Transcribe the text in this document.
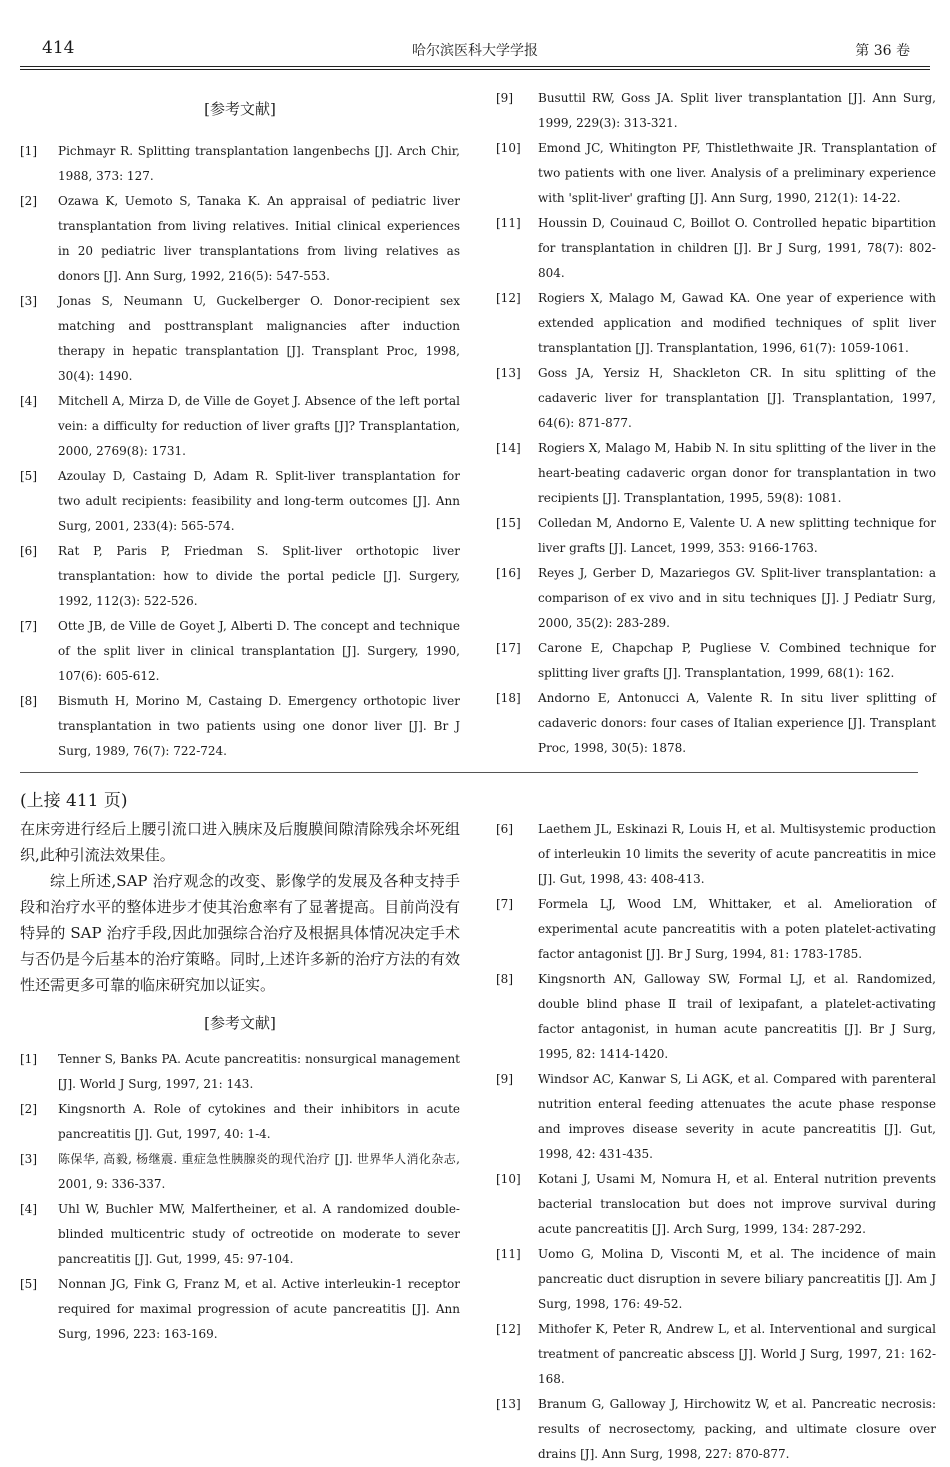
414	哈尔滨医科大学学报	第 36 卷
[参考文献]
[1] Pichmayr R. Splitting transplantation langenbechs [J]. Arch Chir, 1988, 373: 127.
[2] Ozawa K, Uemoto S, Tanaka K. An appraisal of pediatric liver transplantation from living relatives. Initial clinical experiences in 20 pediatric liver transplantations from living relatives as donors [J]. Ann Surg, 1992, 216(5): 547-553.
[3] Jonas S, Neumann U, Guckelberger O. Donor-recipient sex matching and posttransplant malignancies after induction therapy in hepatic transplantation [J]. Transplant Proc, 1998, 30(4): 1490.
[4] Mitchell A, Mirza D, de Ville de Goyet J. Absence of the left portal vein: a difficulty for reduction of liver grafts [J]? Transplantation, 2000, 2769(8): 1731.
[5] Azoulay D, Castaing D, Adam R. Split-liver transplantation for two adult recipients: feasibility and long-term outcomes [J]. Ann Surg, 2001, 233(4): 565-574.
[6] Rat P, Paris P, Friedman S. Split-liver orthotopic liver transplantation: how to divide the portal pedicle [J]. Surgery, 1992, 112(3): 522-526.
[7] Otte JB, de Ville de Goyet J, Alberti D. The concept and technique of the split liver in clinical transplantation [J]. Surgery, 1990, 107(6): 605-612.
[8] Bismuth H, Morino M, Castaing D. Emergency orthotopic liver transplantation in two patients using one donor liver [J]. Br J Surg, 1989, 76(7): 722-724.
[9] Busuttil RW, Goss JA. Split liver transplantation [J]. Ann Surg, 1999, 229(3): 313-321.
[10] Emond JC, Whitington PF, Thistlethwaite JR. Transplantation of two patients with one liver. Analysis of a preliminary experience with 'split-liver' grafting [J]. Ann Surg, 1990, 212(1): 14-22.
[11] Houssin D, Couinaud C, Boillot O. Controlled hepatic bipartition for transplantation in children [J]. Br J Surg, 1991, 78(7): 802-804.
[12] Rogiers X, Malago M, Gawad KA. One year of experience with extended application and modified techniques of split liver transplantation [J]. Transplantation, 1996, 61(7): 1059-1061.
[13] Goss JA, Yersiz H, Shackleton CR. In situ splitting of the cadaveric liver for transplantation [J]. Transplantation, 1997, 64(6): 871-877.
[14] Rogiers X, Malago M, Habib N. In situ splitting of the liver in the heart-beating cadaveric organ donor for transplantation in two recipients [J]. Transplantation, 1995, 59(8): 1081.
[15] Colledan M, Andorno E, Valente U. A new splitting technique for liver grafts [J]. Lancet, 1999, 353: 9166-1763.
[16] Reyes J, Gerber D, Mazariegos GV. Split-liver transplantation: a comparison of ex vivo and in situ techniques [J]. J Pediatr Surg, 2000, 35(2): 283-289.
[17] Carone E, Chapchap P, Pugliese V. Combined technique for splitting liver grafts [J]. Transplantation, 1999, 68(1): 162.
[18] Andorno E, Antonucci A, Valente R. In situ liver splitting of cadaveric donors: four cases of Italian experience [J]. Transplant Proc, 1998, 30(5): 1878.
(上接 411 页)
在床旁进行经后上腰引流口进入胰床及后腹膜间隙清除残余坏死组织,此种引流法效果佳。
综上所述,SAP 治疗观念的改变、影像学的发展及各种支持手段和治疗水平的整体进步才使其治愈率有了显著提高。目前尚没有特异的 SAP 治疗手段,因此加强综合治疗及根据具体情况决定手术与否仍是今后基本的治疗策略。同时,上述许多新的治疗方法的有效性还需更多可靠的临床研究加以证实。
[参考文献]
[1] Tenner S, Banks PA. Acute pancreatitis: nonsurgical management [J]. World J Surg, 1997, 21: 143.
[2] Kingsnorth A. Role of cytokines and their inhibitors in acute pancreatitis [J]. Gut, 1997, 40: 1-4.
[3] 陈保华, 高毅, 杨继震. 重症急性胰腺炎的现代治疗 [J]. 世界华人消化杂志, 2001, 9: 336-337.
[4] Uhl W, Buchler MW, Malfertheiner, et al. A randomized double-blinded multicentric study of octreotide on moderate to sever pancreatitis [J]. Gut, 1999, 45: 97-104.
[5] Nonnan JG, Fink G, Franz M, et al. Active interleukin-1 receptor required for maximal progression of acute pancreatitis [J]. Ann Surg, 1996, 223: 163-169.
[6] Laethem JL, Eskinazi R, Louis H, et al. Multisystemic production of interleukin 10 limits the severity of acute pancreatitis in mice [J]. Gut, 1998, 43: 408-413.
[7] Formela LJ, Wood LM, Whittaker, et al. Amelioration of experimental acute pancreatitis with a poten platelet-activating factor antagonist [J]. Br J Surg, 1994, 81: 1783-1785.
[8] Kingsnorth AN, Galloway SW, Formal LJ, et al. Randomized, double blind phase Ⅱ trail of lexipafant, a platelet-activating factor antagonist, in human acute pancreatitis [J]. Br J Surg, 1995, 82: 1414-1420.
[9] Windsor AC, Kanwar S, Li AGK, et al. Compared with parenteral nutrition enteral feeding attenuates the acute phase response and improves disease severity in acute pancreatitis [J]. Gut, 1998, 42: 431-435.
[10] Kotani J, Usami M, Nomura H, et al. Enteral nutrition prevents bacterial translocation but does not improve survival during acute pancreatitis [J]. Arch Surg, 1999, 134: 287-292.
[11] Uomo G, Molina D, Visconti M, et al. The incidence of main pancreatic duct disruption in severe biliary pancreatitis [J]. Am J Surg, 1998, 176: 49-52.
[12] Mithofer K, Peter R, Andrew L, et al. Interventional and surgical treatment of pancreatic abscess [J]. World J Surg, 1997, 21: 162-168.
[13] Branum G, Galloway J, Hirchowitz W, et al. Pancreatic necrosis: results of necrosectomy, packing, and ultimate closure over drains [J]. Ann Surg, 1998, 227: 870-877.
